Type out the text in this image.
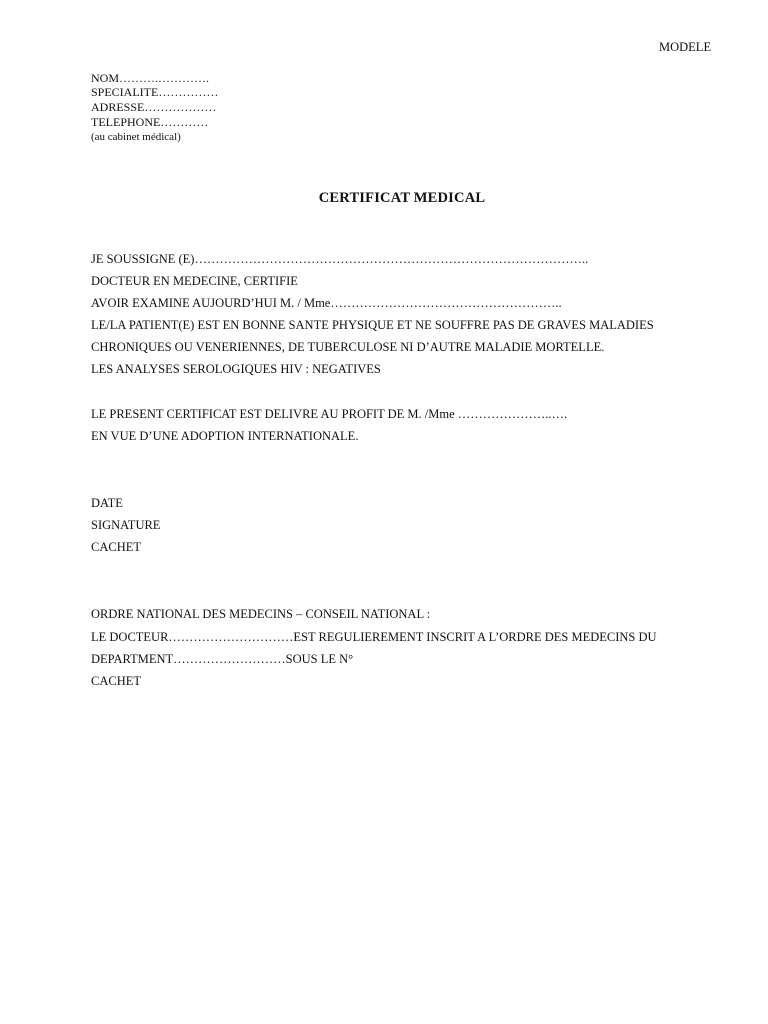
MODELE
NOM……….………….
SPECIALITE……………
ADRESSE………………
TELEPHONE…………
(au cabinet médical)
CERTIFICAT MEDICAL
JE SOUSSIGNE (E)…………………………………………………………………………………..
DOCTEUR EN MEDECINE, CERTIFIE
AVOIR EXAMINE AUJOURD’HUI M. / Mme………………………………………………..
LE/LA PATIENT(E) EST EN BONNE SANTE PHYSIQUE ET NE SOUFFRE PAS DE GRAVES MALADIES
CHRONIQUES OU VENERIENNES, DE TUBERCULOSE NI D’AUTRE MALADIE MORTELLE.
LES ANALYSES SEROLOGIQUES HIV : NEGATIVES
LE PRESENT CERTIFICAT EST DELIVRE AU PROFIT DE M. /Mme …………………..….
EN VUE D’UNE ADOPTION INTERNATIONALE.
DATE
SIGNATURE
CACHET
ORDRE NATIONAL DES MEDECINS – CONSEIL NATIONAL :
LE DOCTEUR…………………………EST REGULIEREMENT INSCRIT A L’ORDRE DES MEDECINS DU
DEPARTMENT………………………SOUS LE N°
CACHET
